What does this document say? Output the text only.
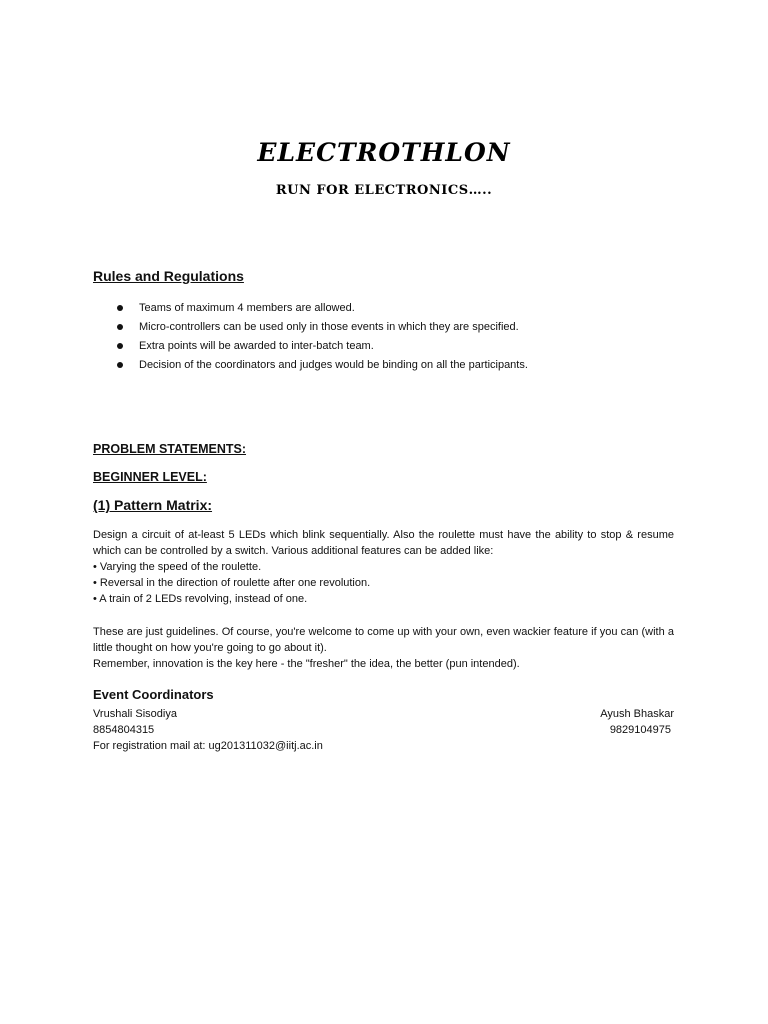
ELECTROTHLON
RUN FOR ELECTRONICS…..
Rules and Regulations
Teams of maximum 4 members are allowed.
Micro-controllers can be used only in those events in which they are specified.
Extra points will be awarded to inter-batch team.
Decision of the coordinators and judges would be binding on all the participants.
PROBLEM STATEMENTS:
BEGINNER LEVEL:
(1) Pattern Matrix:

Design a circuit of at-least 5 LEDs which blink sequentially. Also the roulette must have the ability to stop & resume which can be controlled by a switch. Various additional features can be added like:

• Varying the speed of the roulette.

• Reversal in the direction of roulette after one revolution.

• A train of 2 LEDs revolving, instead of one.

These are just guidelines. Of course, you're welcome to come up with your own, even wackier feature if you can (with a little thought on how you're going to go about it).

Remember, innovation is the key here - the "fresher" the idea, the better (pun intended).

Event Coordinators
Vrushali Sisodiya	Ayush Bhaskar
8854804315	9829104975
For registration mail at: ug201311032@iitj.ac.in
